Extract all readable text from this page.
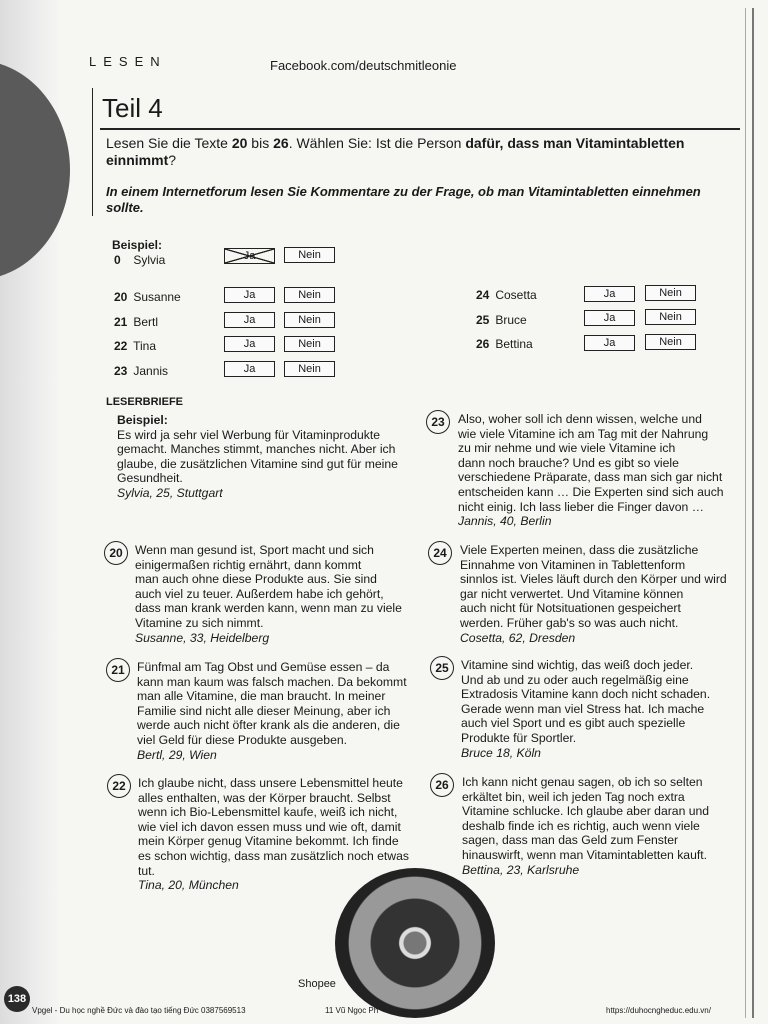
LESEN	Facebook.com/deutschmitleonie
Teil 4
Lesen Sie die Texte 20 bis 26. Wählen Sie: Ist die Person dafür, dass man Vitamintabletten einnimmt?
In einem Internetforum lesen Sie Kommentare zu der Frage, ob man Vitamintabletten einnehmen sollte.
Beispiel:
0 Sylvia	Ja	Nein
20 Susanne	Ja	Nein
21 Bertl	Ja	Nein
22 Tina	Ja	Nein
23 Jannis	Ja	Nein
24 Cosetta	Ja	Nein
25 Bruce	Ja	Nein
26 Bettina	Ja	Nein
LESERBRIEFE
Beispiel:
Es wird ja sehr viel Werbung für Vitaminprodukte
gemacht. Manches stimmt, manches nicht. Aber ich
glaube, die zusätzlichen Vitamine sind gut für meine
Gesundheit.
Sylvia, 25, Stuttgart
20	Wenn man gesund ist, Sport macht und sich
einigermaßen richtig ernährt, dann kommt
man auch ohne diese Produkte aus. Sie sind
auch viel zu teuer. Außerdem habe ich gehört,
dass man krank werden kann, wenn man zu viele
Vitamine zu sich nimmt.
Susanne, 33, Heidelberg
21	Fünfmal am Tag Obst und Gemüse essen – da
kann man kaum was falsch machen. Da bekommt
man alle Vitamine, die man braucht. In meiner
Familie sind nicht alle dieser Meinung, aber ich
werde auch nicht öfter krank als die anderen, die
viel Geld für diese Produkte ausgeben.
Bertl, 29, Wien
22	Ich glaube nicht, dass unsere Lebensmittel heute
alles enthalten, was der Körper braucht. Selbst
wenn ich Bio-Lebensmittel kaufe, weiß ich nicht,
wie viel ich davon essen muss und wie oft, damit
mein Körper genug Vitamine bekommt. Ich finde
es schon wichtig, dass man zusätzlich noch etwas
tut.
Tina, 20, München
23	Also, woher soll ich denn wissen, welche und
wie viele Vitamine ich am Tag mit der Nahrung
zu mir nehme und wie viele Vitamine ich
dann noch brauche? Und es gibt so viele
verschiedene Präparate, dass man sich gar nicht
entscheiden kann … Die Experten sind sich auch
nicht einig. Ich lass lieber die Finger davon …
Jannis, 40, Berlin
24	Viele Experten meinen, dass die zusätzliche
Einnahme von Vitaminen in Tablettenform
sinnlos ist. Vieles läuft durch den Körper und wird
gar nicht verwertet. Und Vitamine können
auch nicht für Notsituationen gespeichert
werden. Früher gab's so was auch nicht.
Cosetta, 62, Dresden
25	Vitamine sind wichtig, das weiß doch jeder.
Und ab und zu oder auch regelmäßig eine
Extradosis Vitamine kann doch nicht schaden.
Gerade wenn man viel Stress hat. Ich mache
auch viel Sport und es gibt auch spezielle
Produkte für Sportler.
Bruce 18, Köln
26	Ich kann nicht genau sagen, ob ich so selten
erkältet bin, weil ich jeden Tag noch extra
Vitamine schlucke. Ich glaube aber daran und
deshalb finde ich es richtig, auch wenn viele
sagen, dass man das Geld zum Fenster
hinauswirft, wenn man Vitamintabletten kauft.
Bettina, 23, Karlsruhe
Shopee
138
Vpgel - Du học nghề Đức và đào tạo tiếng Đức 0387569513	11 Vũ Ngọc Ph	https://duhocngheduc.edu.vn/
